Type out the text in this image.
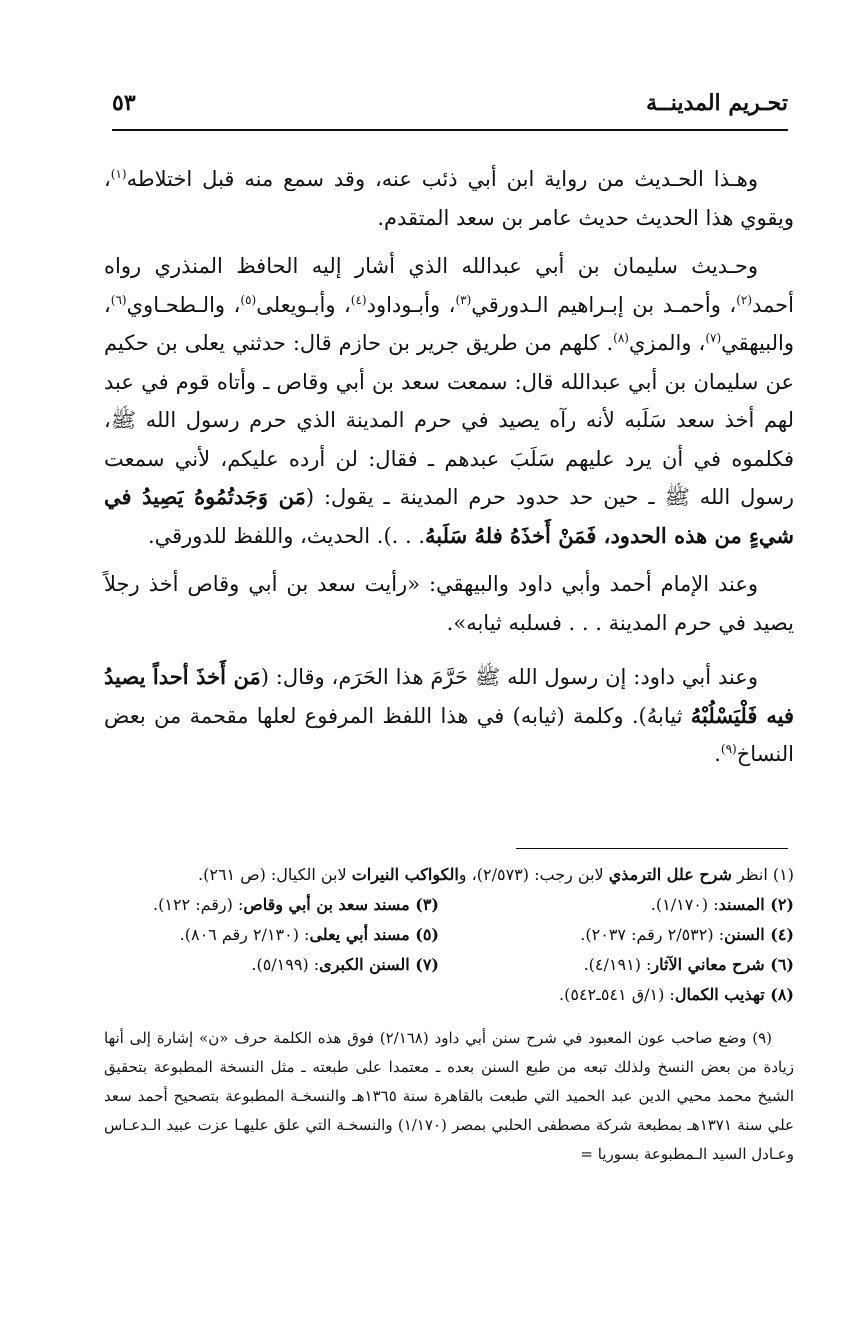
تحـريم المدينــة
٥٣

وهـذا الحـديث من رواية ابن أبي ذئب عنه، وقد سمع منه قبل اختلاطه$^{(١)}$، ويقوي هذا الحديث حديث عامر بن سعد المتقدم.

وحـديث سليمان بن أبي عبدالله الذي أشار إليه الحافظ المنذري رواه أحمد$^{(٢)}$، وأحمـد بن إبـراهيم الـدورقي$^{(٣)}$، وأبـوداود$^{(٤)}$، وأبـويعلى$^{(٥)}$، والـطحـاوي$^{(٦)}$، والبيهقي$^{(٧)}$، والمزي$^{(٨)}$. كلهم من طريق جرير بن حازم قال: حدثني يعلى بن حكيم عن سليمان بن أبي عبدالله قال: سمعت سعد بن أبي وقاص ـ وأتاه قوم في عبد لهم أخذ سعد سَلَبه لأنه رآه يصيد في حرم المدينة الذي حرم رسول الله ﷺ، فكلموه في أن يرد عليهم سَلَبَ عبدهم ـ فقال: لن أرده عليكم، لأني سمعت رسول الله ﷺ ـ حين حد حدود حرم المدينة ـ يقول: (مَن وَجَدتُمُوهُ يَصِيدُ في شيءٍ من هذه الحدود، فَمَنْ أَخذَهُ فلهُ سَلَبهُ. . .). الحديث، واللفظ للدورقي.

وعند الإمام أحمد وأبي داود والبيهقي: «رأيت سعد بن أبي وقاص أخذ رجلاً يصيد في حرم المدينة . . . فسلبه ثيابه».

وعند أبي داود: إن رسول الله ﷺ حَرَّمَ هذا الحَرَم، وقال: (مَن أَخذَ أحداً يصيدُ فيه فَلْيَسْلُبْهُ ثيابهُ). وكلمة (ثيابه) في هذا اللفظ المرفوع لعلها مقحمة من بعض النساخ$^{(٩)}$.

(١) انظر شرح علل الترمذي لابن رجب: (٢/٥٧٣)، والكواكب النيرات لابن الكيال: (ص ٢٦١).

(٢) المسند: (١/١٧٠).
(٣) مسند سعد بن أبي وقاص: (رقم: ١٢٢).
(٤) السنن: (٢/٥٣٢ رقم: ٢٠٣٧).
(٥) مسند أبي يعلى: (٢/١٣٠ رقم ٨٠٦).
(٦) شرح معاني الآثار: (٤/١٩١).
(٧) السنن الكبرى: (٥/١٩٩).
(٨) تهذيب الكمال: (١/ق ٥٤١ـ٥٤٢).

(٩) وضع صاحب عون المعبود في شرح سنن أبي داود (٢/١٦٨) فوق هذه الكلمة حرف «ن» إشارة إلى أنها زيادة من بعض النسخ ولذلك تبعه من طبع السنن بعده ـ معتمدا على طبعته ـ مثل النسخة المطبوعة بتحقيق الشيخ محمد محيي الدين عبد الحميد التي طبعت بالقاهرة سنة ١٣٦٥هـ والنسخـة المطبوعة بتصحيح أحمد سعد علي سنة ١٣٧١هـ بمطبعة شركة مصطفى الحلبي بمصر (١/١٧٠) والنسخـة التي علق عليهـا عزت عبيد الـدعـاس وعـادل السيد الـمطبوعة بسوريا =
